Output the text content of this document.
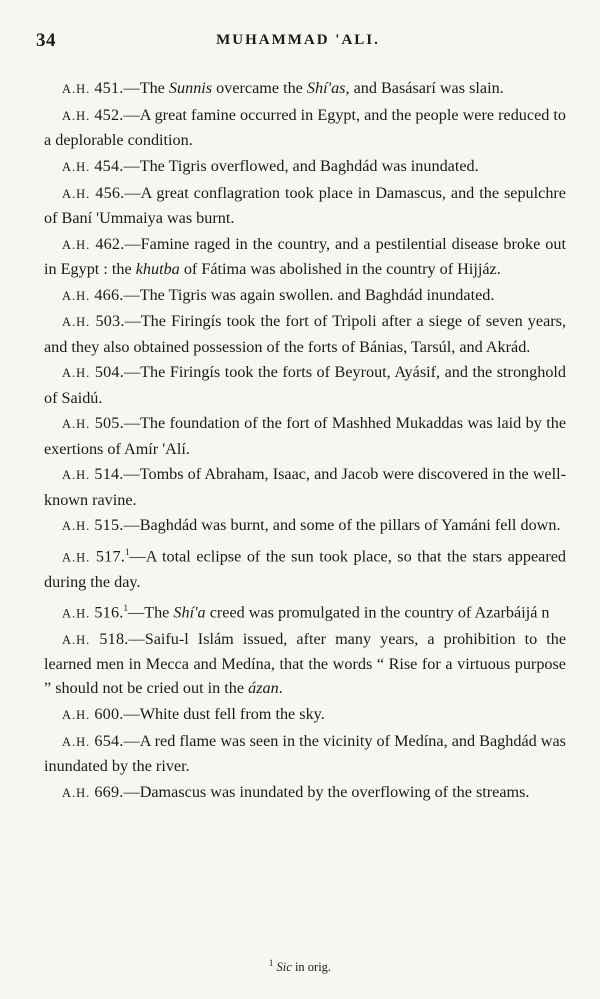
34	MUHAMMAD 'ALI.

A.H. 451.—The Sunnis overcame the Shí'as, and Basásarí was slain.

A.H. 452.—A great famine occurred in Egypt, and the people were reduced to a deplorable condition.

A.H. 454.—The Tigris overflowed, and Baghdád was inundated.

A.H. 456.—A great conflagration took place in Damascus, and the sepulchre of Baní 'Ummaiya was burnt.

A.H. 462.—Famine raged in the country, and a pestilential disease broke out in Egypt : the khutba of Fátima was abolished in the country of Hijjáz.

A.H. 466.—The Tigris was again swollen. and Baghdád inundated.

A.H. 503.—The Firingís took the fort of Tripoli after a siege of seven years, and they also obtained possession of the forts of Bánias, Tarsúl, and Akrád.

A.H. 504.—The Firingís took the forts of Beyrout, Ayásif, and the stronghold of Saidú.

A.H. 505.—The foundation of the fort of Mashhed Mukaddas was laid by the exertions of Amír 'Alí.

A.H. 514.—Tombs of Abraham, Isaac, and Jacob were discovered in the well-known ravine.

A.H. 515.—Baghdád was burnt, and some of the pillars of Yamáni fell down.

A.H. 517.$^1$—A total eclipse of the sun took place, so that the stars appeared during the day.

A.H. 516.$^1$—The Shí'a creed was promulgated in the country of Azarbáijá n

A.H. 518.—Saifu-l Islám issued, after many years, a prohibition to the learned men in Mecca and Medína, that the words “ Rise for a virtuous purpose ” should not be cried out in the ázan.

A.H. 600.—White dust fell from the sky.

A.H. 654.—A red flame was seen in the vicinity of Medína, and Baghdád was inundated by the river.

A.H. 669.—Damascus was inundated by the overflowing of the streams.

$^1$ Sic in orig.
